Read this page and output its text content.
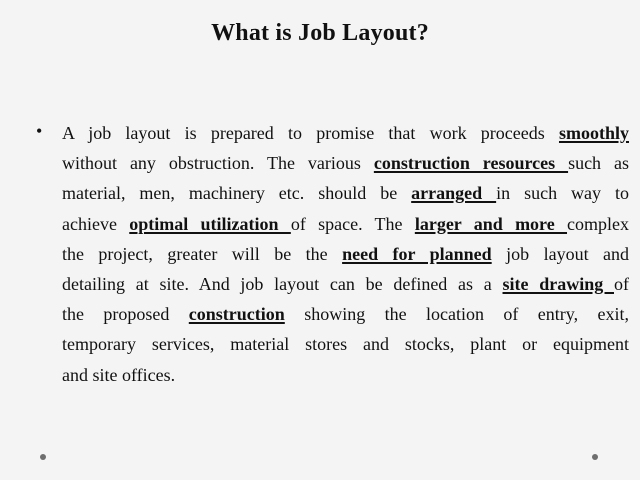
What is Job Layout?
• A job layout is prepared to promise that work proceeds smoothly
without any obstruction. The various construction resources such as
material, men, machinery etc. should be arranged in such way to
achieve optimal utilization of space. The larger and more complex
the project, greater will be the need for planned job layout and
detailing at site. And job layout can be defined as a site drawing of
the proposed construction showing the location of entry, exit,
temporary services, material stores and stocks, plant or equipment
and site offices.
